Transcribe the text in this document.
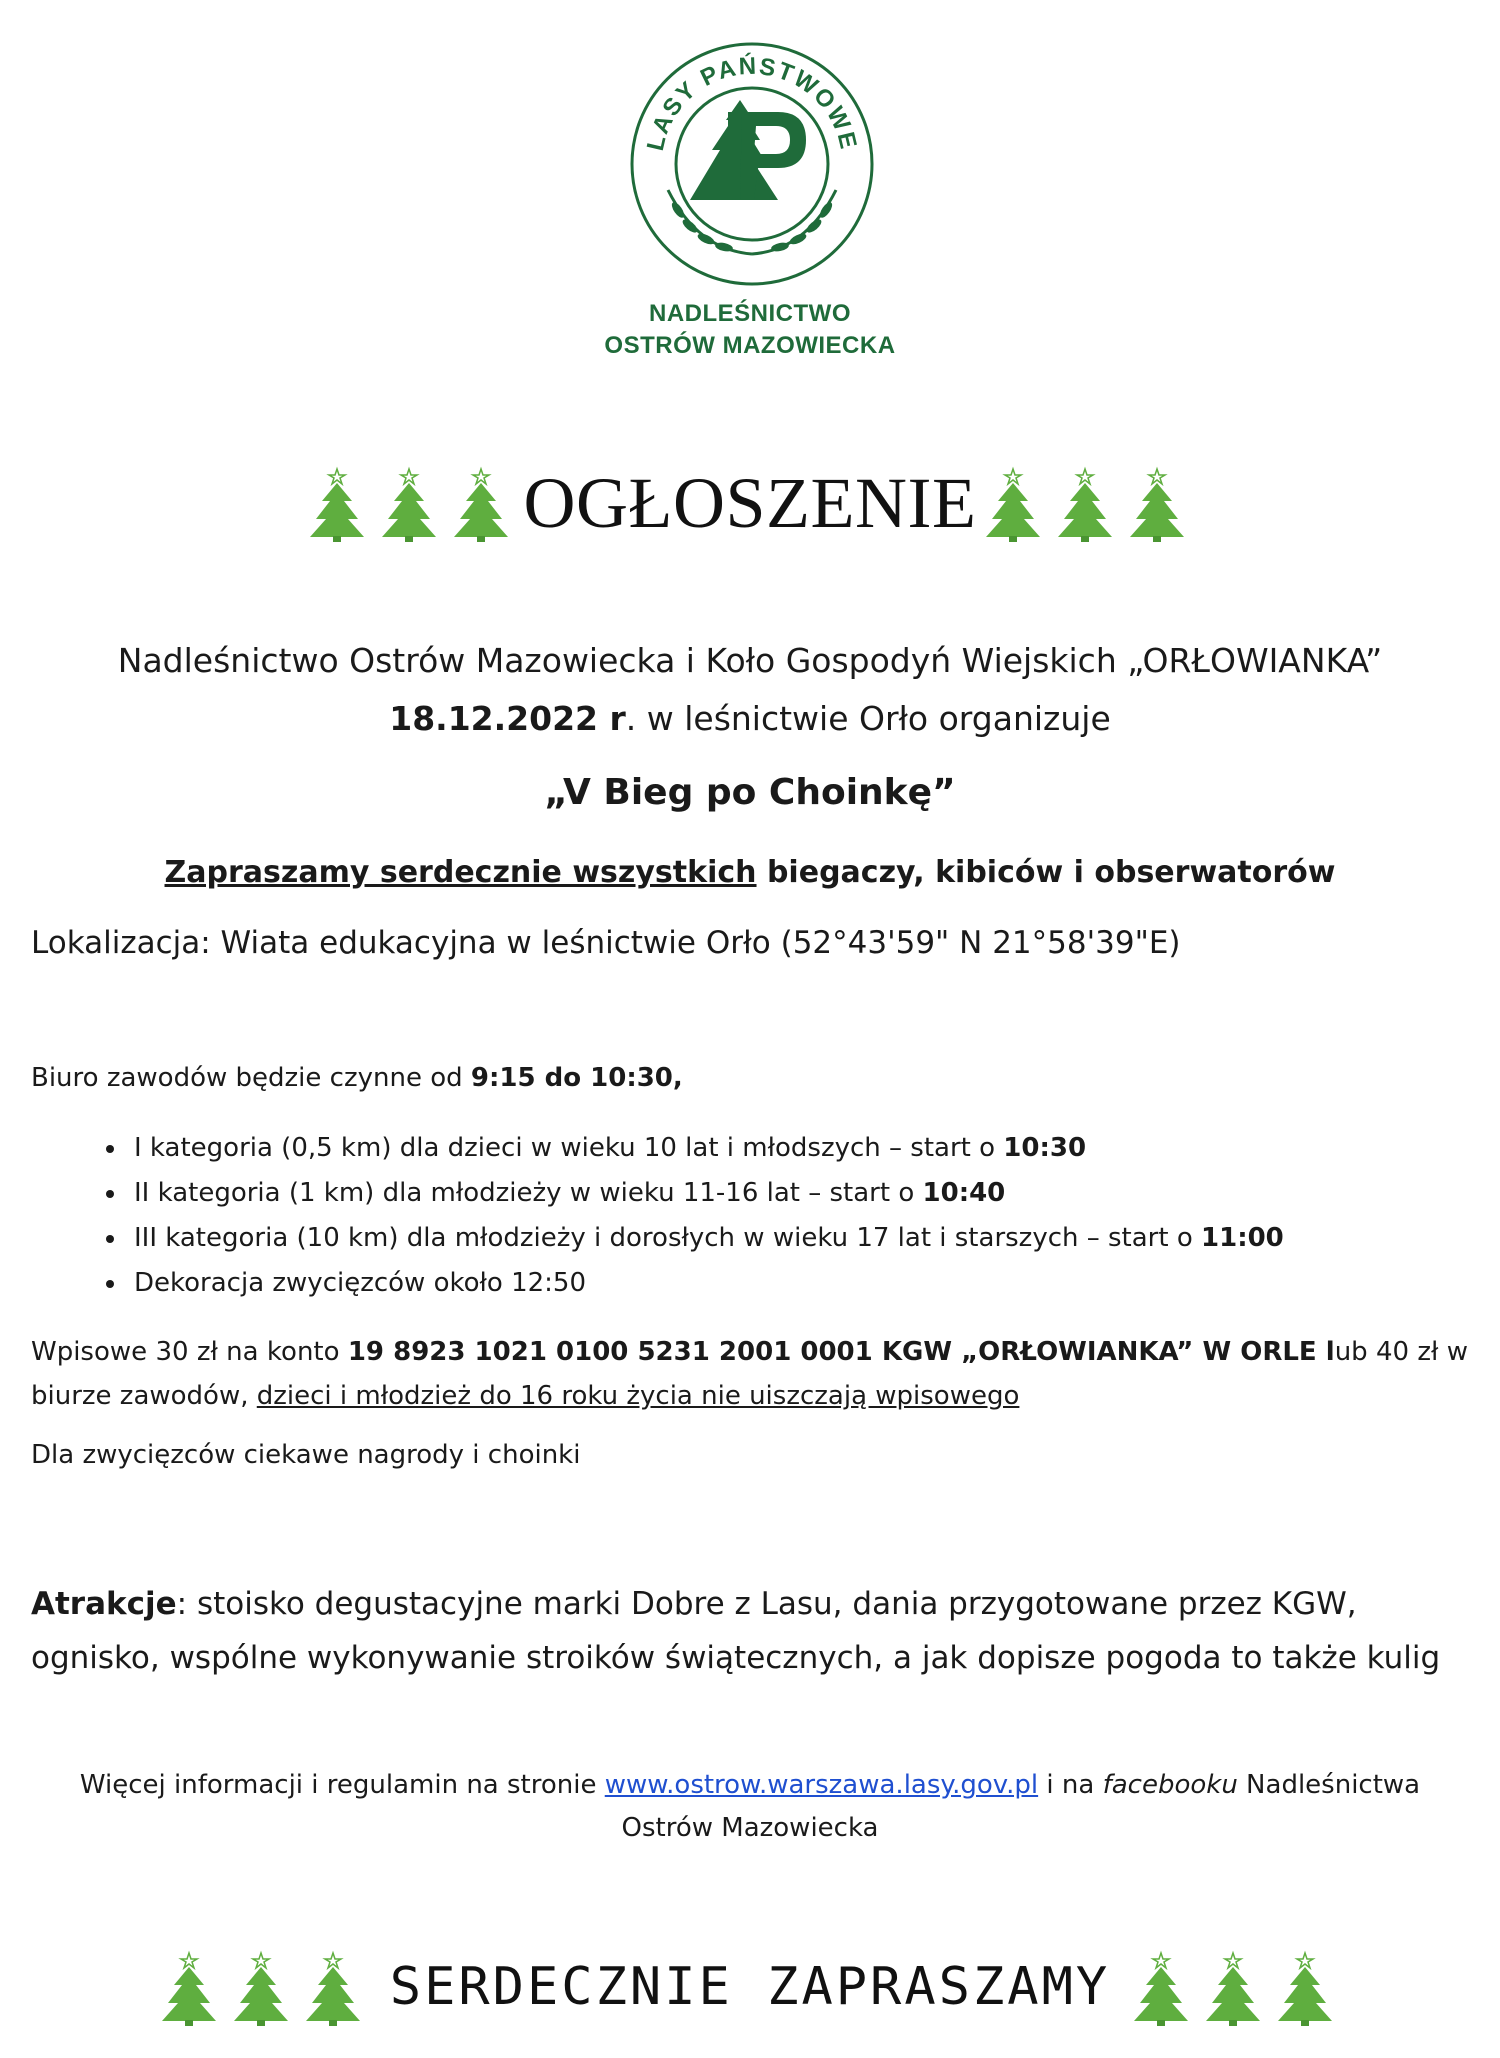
LASY PAŃSTWOWE
NADLEŚNICTWO
OSTRÓW MAZOWIECKA
OGŁOSZENIE
Nadleśnictwo Ostrów Mazowiecka i Koło Gospodyń Wiejskich „ORŁOWIANKA”
18.12.2022 r. w leśnictwie Orło organizuje
„V Bieg po Choinkę”
Zapraszamy serdecznie wszystkich biegaczy, kibiców i obserwatorów
Lokalizacja: Wiata edukacyjna w leśnictwie Orło (52°43'59" N 21°58'39"E)
Biuro zawodów będzie czynne od 9:15 do 10:30,
• I kategoria (0,5 km) dla dzieci w wieku 10 lat i młodszych – start o 10:30
• II kategoria (1 km) dla młodzieży w wieku 11-16 lat – start o 10:40
• III kategoria (10 km) dla młodzieży i dorosłych w wieku 17 lat i starszych – start o 11:00
• Dekoracja zwycięzców około 12:50
Wpisowe 30 zł na konto 19 8923 1021 0100 5231 2001 0001 KGW „ORŁOWIANKA” W ORLE lub 40 zł w biurze zawodów, dzieci i młodzież do 16 roku życia nie uiszczają wpisowego
Dla zwycięzców ciekawe nagrody i choinki
Atrakcje: stoisko degustacyjne marki Dobre z Lasu, dania przygotowane przez KGW, ognisko, wspólne wykonywanie stroików świątecznych, a jak dopisze pogoda to także kulig
Więcej informacji i regulamin na stronie www.ostrow.warszawa.lasy.gov.pl i na facebooku Nadleśnictwa
Ostrów Mazowiecka
SERDECZNIE ZAPRASZAMY
